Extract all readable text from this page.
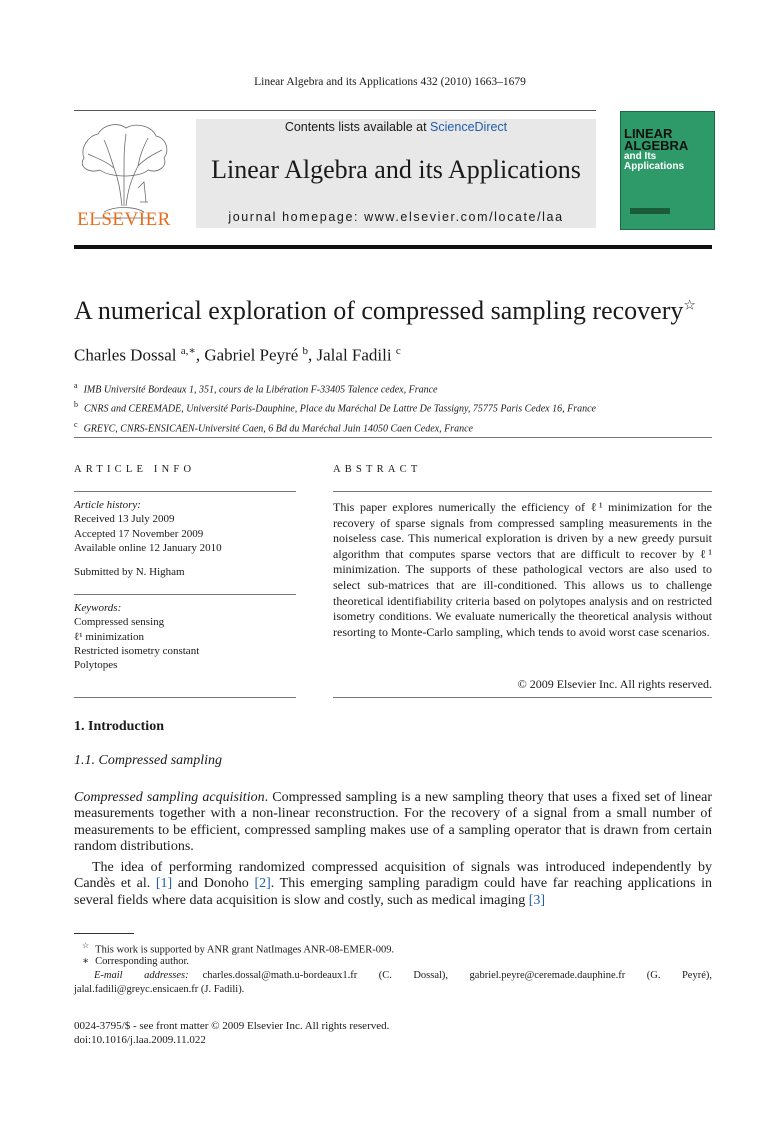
Linear Algebra and its Applications 432 (2010) 1663–1679
ELSEVIER
Contents lists available at ScienceDirect
Linear Algebra and its Applications
journal homepage: www.elsevier.com/locate/laa
LINEAR
ALGEBRA
and Its
Applications
A numerical exploration of compressed sampling recovery☆
Charles Dossal $^{a,∗}$, Gabriel Peyré $^b$, Jalal Fadili $^c$
$^a$ IMB Université Bordeaux 1, 351, cours de la Libération F-33405 Talence cedex, France
$^b$ CNRS and CEREMADE, Université Paris-Dauphine, Place du Maréchal De Lattre De Tassigny, 75775 Paris Cedex 16, France
$^c$ GREYC, CNRS-ENSICAEN-Université Caen, 6 Bd du Maréchal Juin 14050 Caen Cedex, France
ARTICLE INFO	ABSTRACT
Article history:
Received 13 July 2009
Accepted 17 November 2009
Available online 12 January 2010
Submitted by N. Higham
Keywords:
Compressed sensing
ℓ¹ minimization
Restricted isometry constant
Polytopes
This paper explores numerically the efficiency of ℓ¹ minimization for the recovery of sparse signals from compressed sampling measurements in the noiseless case. This numerical exploration is driven by a new greedy pursuit algorithm that computes sparse vectors that are difficult to recover by ℓ¹ minimization. The supports of these pathological vectors are also used to select sub-matrices that are ill-conditioned. This allows us to challenge theoretical identifiability criteria based on polytopes analysis and on restricted isometry conditions. We evaluate numerically the theoretical analysis without resorting to Monte-Carlo sampling, which tends to avoid worst case scenarios.
© 2009 Elsevier Inc. All rights reserved.
1. Introduction
1.1. Compressed sampling
Compressed sampling acquisition. Compressed sampling is a new sampling theory that uses a fixed set of linear measurements together with a non-linear reconstruction. For the recovery of a signal from a small number of measurements to be efficient, compressed sampling makes use of a sampling operator that is drawn from certain random distributions.
The idea of performing randomized compressed acquisition of signals was introduced independently by Candès et al. [1] and Donoho [2]. This emerging sampling paradigm could have far reaching applications in several fields where data acquisition is slow and costly, such as medical imaging [3]
☆ This work is supported by ANR grant NatImages ANR-08-EMER-009.
∗ Corresponding author.
E-mail addresses: charles.dossal@math.u-bordeaux1.fr (C. Dossal), gabriel.peyre@ceremade.dauphine.fr (G. Peyré),
jalal.fadili@greyc.ensicaen.fr (J. Fadili).
0024-3795/$ - see front matter © 2009 Elsevier Inc. All rights reserved.
doi:10.1016/j.laa.2009.11.022
